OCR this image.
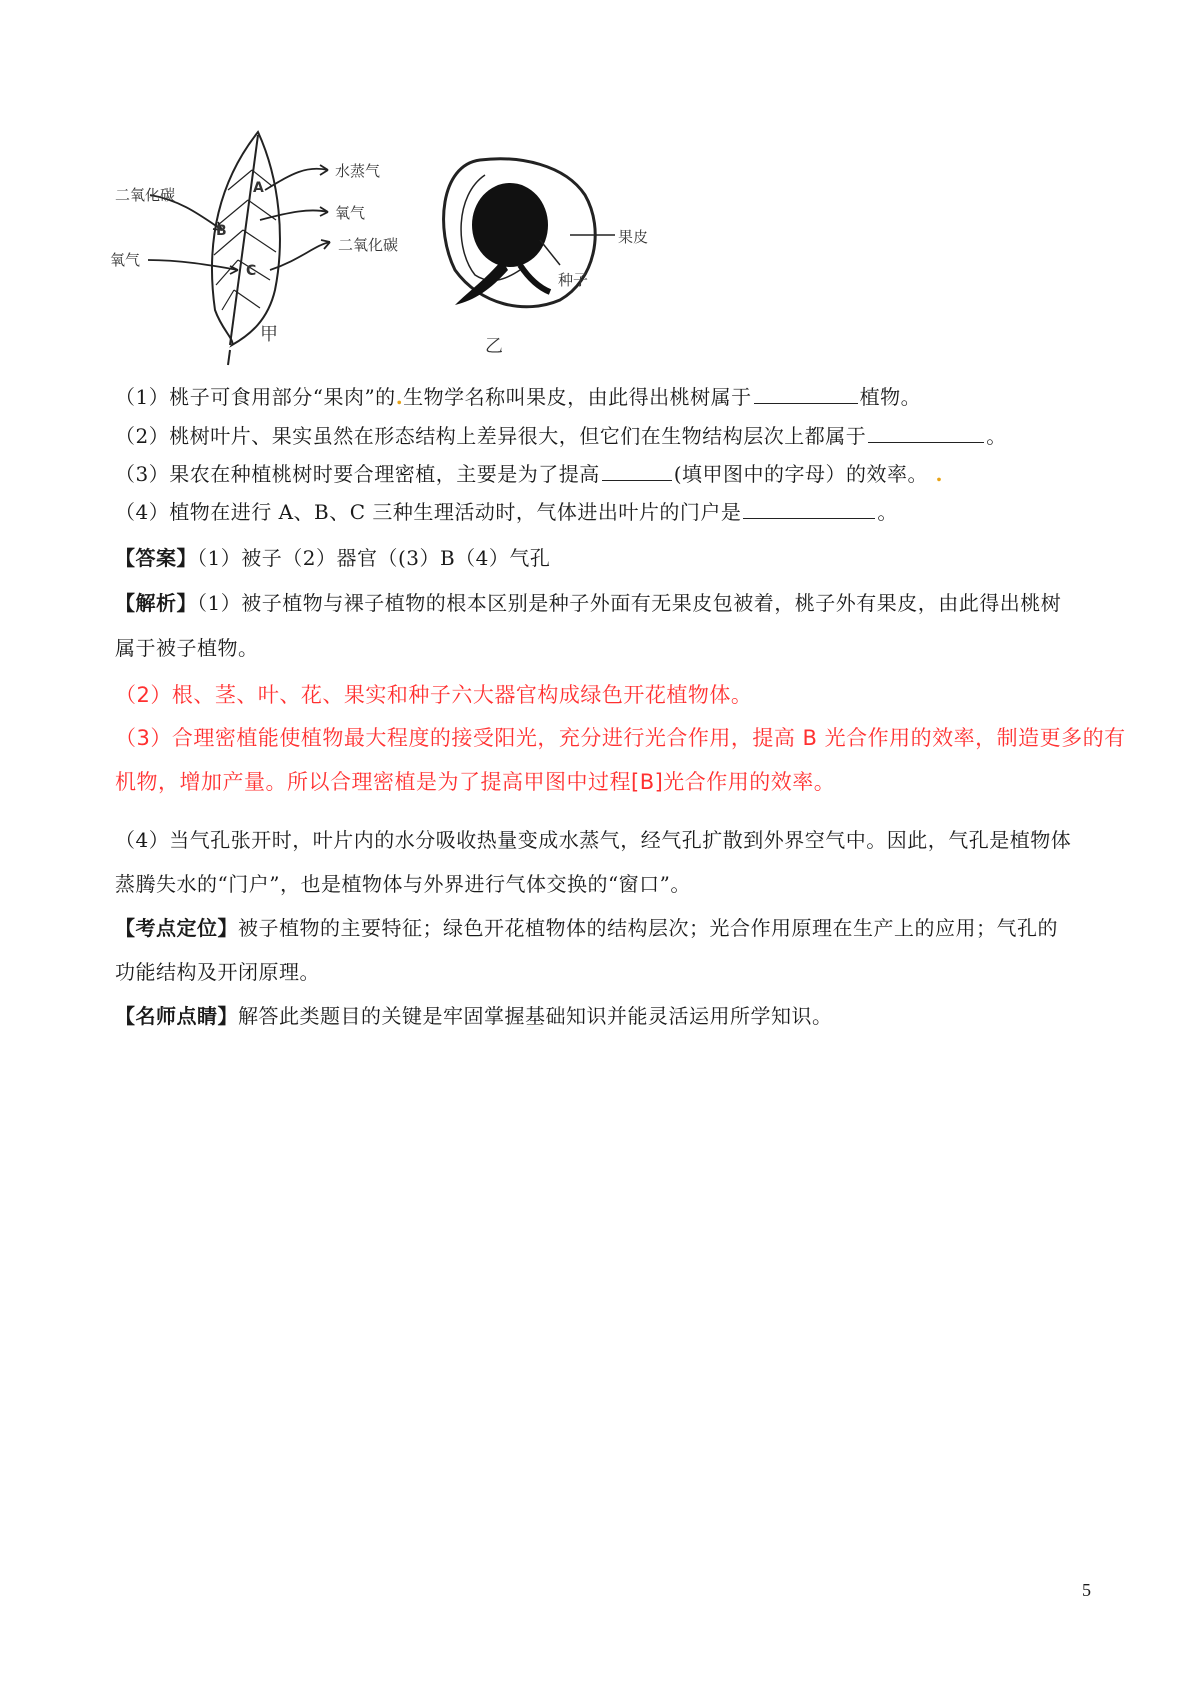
水蒸气
二氧化碳
氧气
氧气
二氧化碳
A
B
C
甲
果皮
种子
乙
（1）桃子可食用部分“果肉”的.生物学名称叫果皮，由此得出桃树属于	植物。
（2）桃树叶片、果实虽然在形态结构上差异很大，但它们在生物结构层次上都属于	。
（3）果农在种植桃树时要合理密植，主要是为了提高	(填甲图中的字母）的效率。 .
（4）植物在进行 A、B、C 三种生理活动时，气体进出叶片的门户是	。
【答案】（1）被子（2）器官（(3）B（4）气孔
【解析】（1）被子植物与裸子植物的根本区别是种子外面有无果皮包被着，桃子外有果皮，由此得出桃树
属于被子植物。
（2）根、茎、叶、花、果实和种子六大器官构成绿色开花植物体。
（3）合理密植能使植物最大程度的接受阳光，充分进行光合作用，提高 B 光合作用的效率，制造更多的有
机物，增加产量。所以合理密植是为了提高甲图中过程[B]光合作用的效率。
（4）当气孔张开时，叶片内的水分吸收热量变成水蒸气，经气孔扩散到外界空气中。因此，气孔是植物体
蒸腾失水的“门户”，也是植物体与外界进行气体交换的“窗口”。
【考点定位】被子植物的主要特征；绿色开花植物体的结构层次；光合作用原理在生产上的应用；气孔的
功能结构及开闭原理。
【名师点睛】解答此类题目的关键是牢固掌握基础知识并能灵活运用所学知识。
5
